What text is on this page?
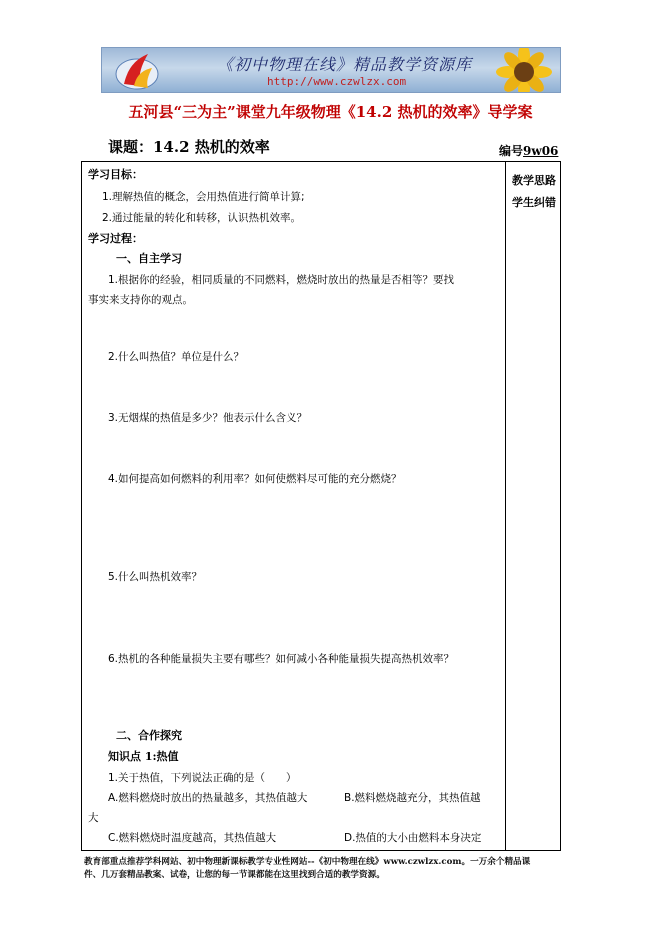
《初中物理在线》精品教学资源库
http://www.czwlzx.com
五河县“三为主”课堂九年级物理《14.2 热机的效率》导学案
课题：14.2 热机的效率	编号9w06
教学思路
学生纠错
学习目标：
1.理解热值的概念，会用热值进行简单计算;
2.通过能量的转化和转移，认识热机效率。
学习过程：
一、自主学习
1.根据你的经验，相同质量的不同燃料，燃烧时放出的热量是否相等？要找
事实来支持你的观点。
2.什么叫热值？单位是什么？
3.无烟煤的热值是多少？他表示什么含义？
4.如何提高如何燃料的利用率？如何使燃料尽可能的充分燃烧？
5.什么叫热机效率？
6.热机的各种能量损失主要有哪些？如何减小各种能量损失提高热机效率？
二、合作探究
知识点 1:热值
1.关于热值，下列说法正确的是（　　）
A.燃料燃烧时放出的热量越多，其热值越大	B.燃料燃烧越充分，其热值越
大
C.燃料燃烧时温度越高，其热值越大	D.热值的大小由燃料本身决定
教育部重点推荐学科网站、初中物理新课标教学专业性网站--《初中物理在线》www.czwlzx.com。一万余个精品课
件、几万套精品教案、试卷，让您的每一节课都能在这里找到合适的教学资源。
